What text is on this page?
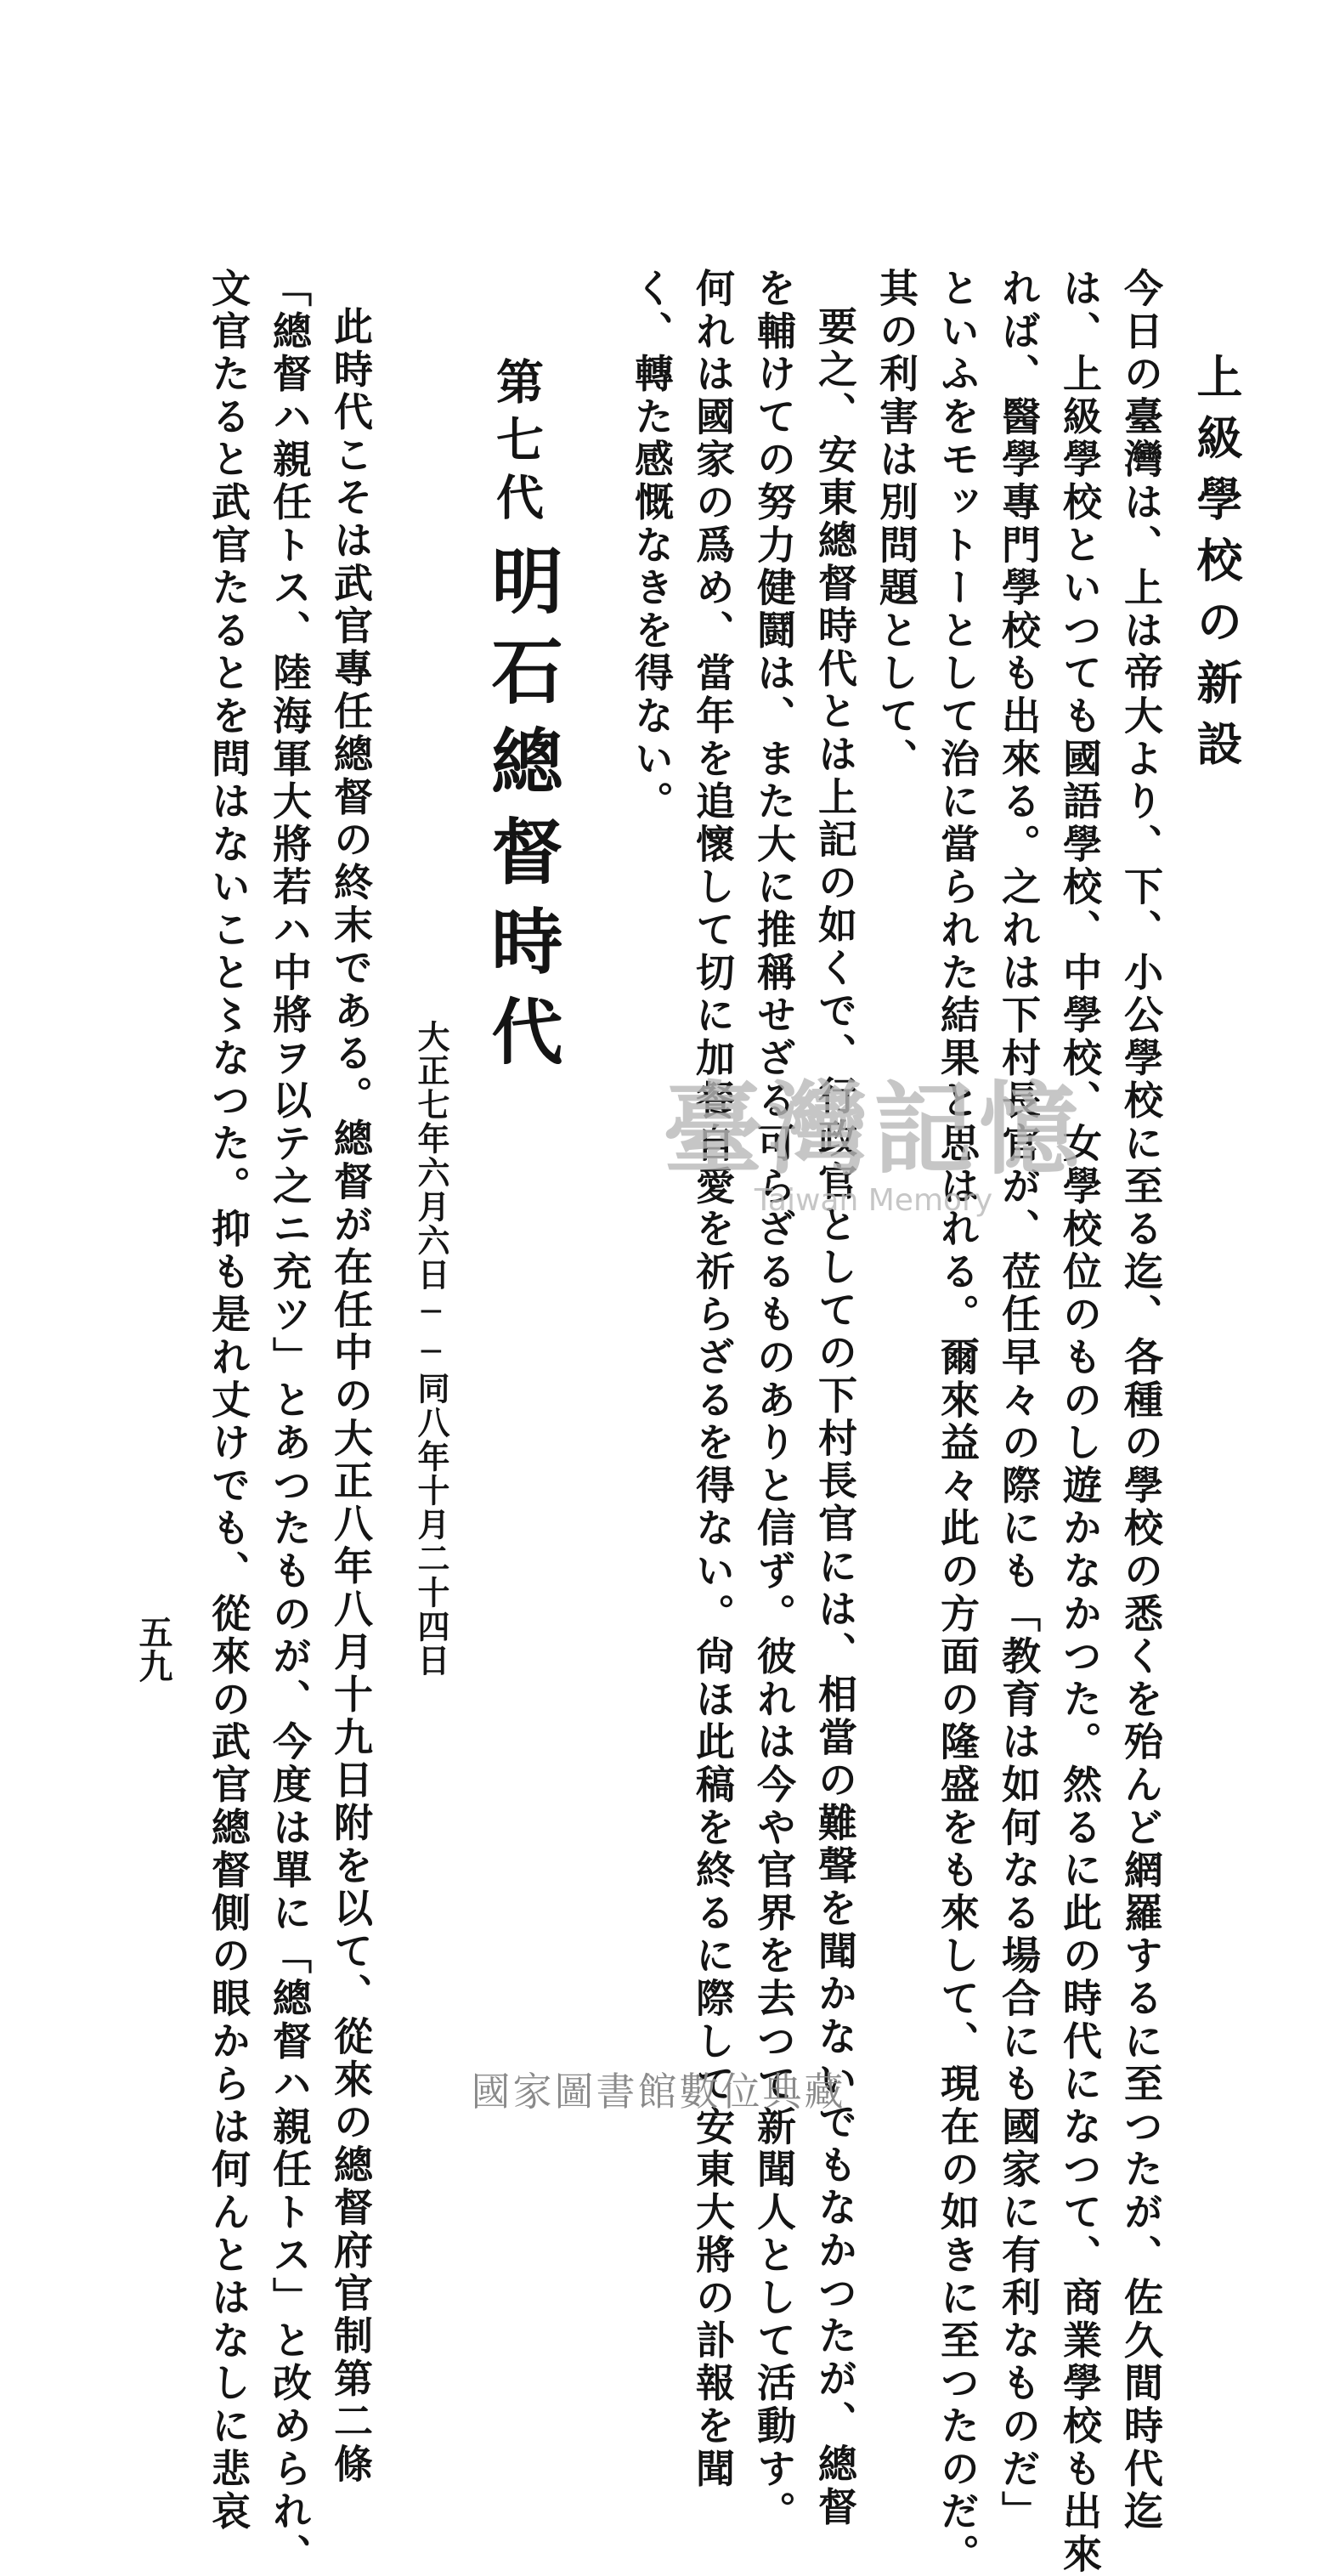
上級學校の新設
今日の臺灣は、上は帝大より、下、小公學校に至る迄、各種の學校の悉くを殆んど網羅するに至つたが、佐久間時代迄
は、上級學校といつても國語學校、中學校、女學校位のものし遊かなかつた。然るに此の時代になつて、商業學校も出來
れば、醫學專門學校も出來る。之れは下村長官が、莅任早々の際にも「教育は如何なる場合にも國家に有利なものだ」
といふをモットーとして治に當られた結果と思はれる。爾來益々此の方面の隆盛をも來して、現在の如きに至つたのだ。
其の利害は別問題として、
要之、安東總督時代とは上記の如くで、行政官としての下村長官には、相當の難聲を聞かないでもなかつたが、總督
を輔けての努力健鬪は、また大に推稱せざる可らざるものありと信ず。彼れは今や官界を去つて新聞人として活動す。
何れは國家の爲め、當年を追懷して切に加餐自愛を祈らざるを得ない。尙ほ此稿を終るに際して安東大將の訃報を聞
く、轉た感慨なきを得ない。
第七代
明石總督時代
大正七年六月六日──同八年十月二十四日
此時代こそは武官專任總督の終末である。總督が在任中の大正八年八月十九日附を以て、從來の總督府官制第二條
「總督ハ親任トス、陸海軍大將若ハ中將ヲ以テ之ニ充ツ」とあつたものが、今度は單に「總督ハ親任トス」と改められ、
文官たると武官たるとを問はないこと〻なつた。抑も是れ丈けでも、從來の武官總督側の眼からは何んとはなしに悲哀
五九
臺灣記憶
Taiwan Memory
國家圖書館數位典藏
